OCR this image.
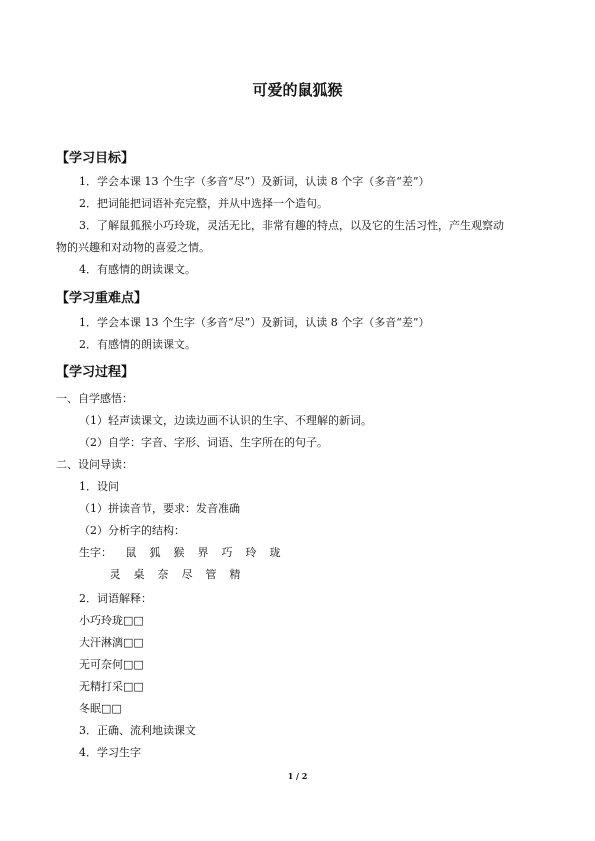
可爱的鼠狐猴
【学习目标】
1．学会本课 13 个生字（多音“尽”）及新词，认读 8 个字（多音“差”）
2．把词能把词语补充完整，并从中选择一个造句。
3．了解鼠狐猴小巧玲珑，灵活无比，非常有趣的特点，以及它的生活习性，产生观察动
物的兴趣和对动物的喜爱之情。
4．有感情的朗读课文。
【学习重难点】
1．学会本课 13 个生字（多音“尽”）及新词，认读 8 个字（多音“差”）
2．有感情的朗读课文。
【学习过程】
一、自学感悟：
（1）轻声读课文，边读边画不认识的生字、不理解的新词。
（2）自学：字音、字形、词语、生字所在的句子。
二、设问导读：
1．设问
（1）拼读音节，要求：发音准确
（2）分析字的结构：
生字：	鼠	狐	猴	界	巧	玲	珑
灵	桌	奈	尽	管	精
2．词语解释：
小巧玲珑□□
大汗淋漓□□
无可奈何□□
无精打采□□
冬眠□□
3．正确、流利地读课文
4．学习生字
1 / 2
